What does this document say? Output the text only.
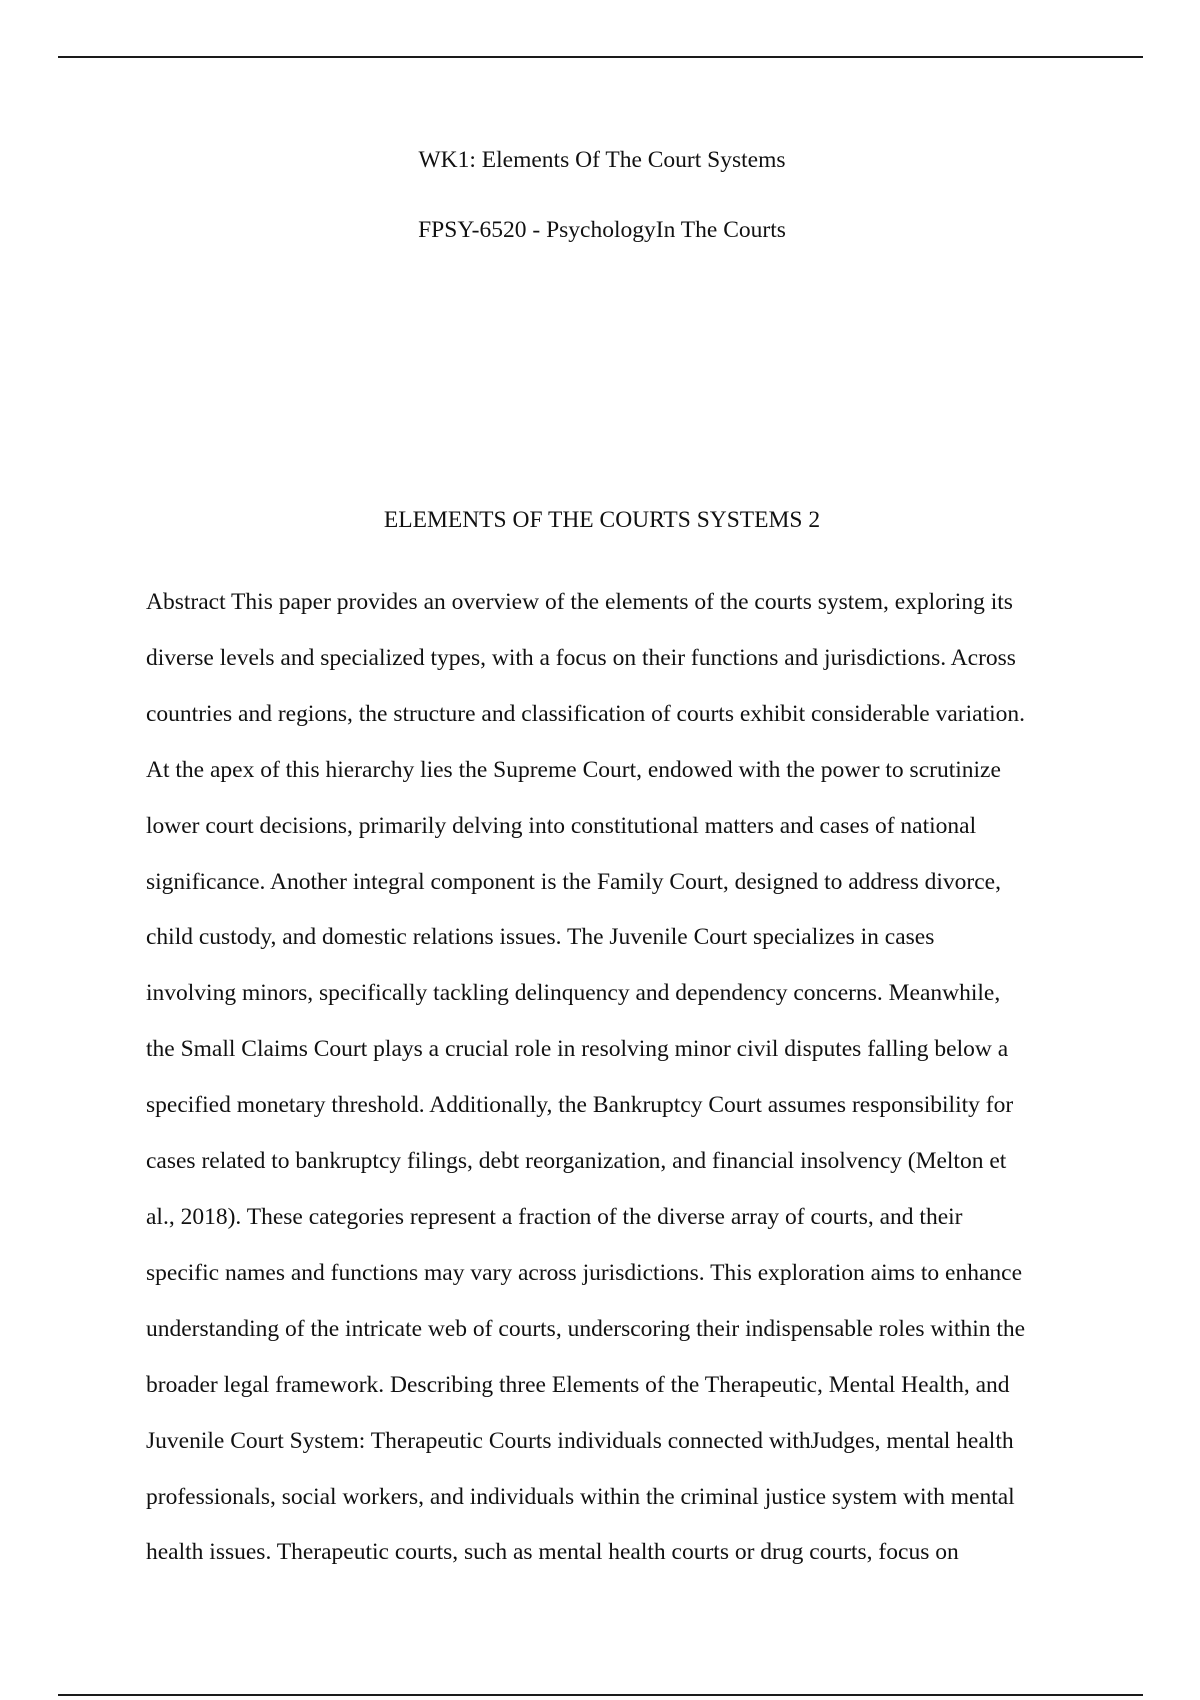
WK1: Elements Of The Court Systems

FPSY-6520 - PsychologyIn The Courts

ELEMENTS OF THE COURTS SYSTEMS 2

Abstract This paper provides an overview of the elements of the courts system, exploring its
diverse levels and specialized types, with a focus on their functions and jurisdictions. Across
countries and regions, the structure and classification of courts exhibit considerable variation.
At the apex of this hierarchy lies the Supreme Court, endowed with the power to scrutinize
lower court decisions, primarily delving into constitutional matters and cases of national
significance. Another integral component is the Family Court, designed to address divorce,
child custody, and domestic relations issues. The Juvenile Court specializes in cases
involving minors, specifically tackling delinquency and dependency concerns. Meanwhile,
the Small Claims Court plays a crucial role in resolving minor civil disputes falling below a
specified monetary threshold. Additionally, the Bankruptcy Court assumes responsibility for
cases related to bankruptcy filings, debt reorganization, and financial insolvency (Melton et
al., 2018). These categories represent a fraction of the diverse array of courts, and their
specific names and functions may vary across jurisdictions. This exploration aims to enhance
understanding of the intricate web of courts, underscoring their indispensable roles within the
broader legal framework. Describing three Elements of the Therapeutic, Mental Health, and
Juvenile Court System: Therapeutic Courts individuals connected withJudges, mental health
professionals, social workers, and individuals within the criminal justice system with mental
health issues. Therapeutic courts, such as mental health courts or drug courts, focus on
